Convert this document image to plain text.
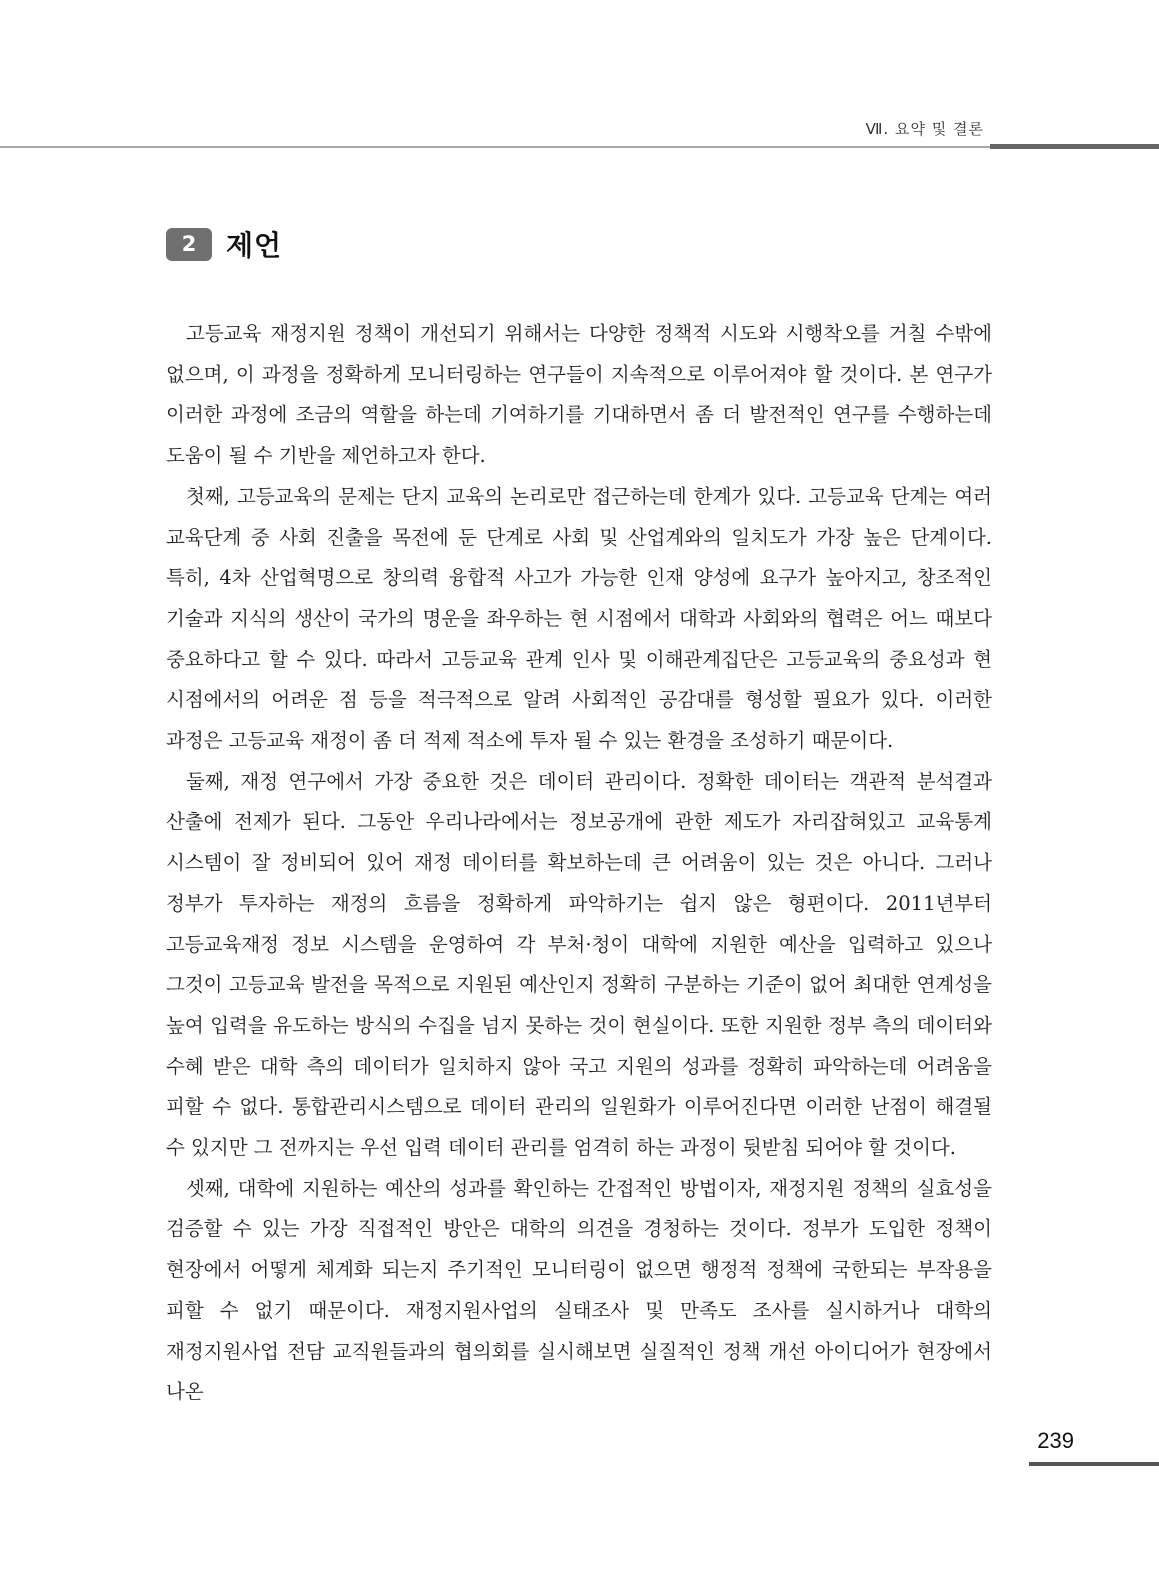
Ⅶ. 요약 및 결론
2	제언

고등교육 재정지원 정책이 개선되기 위해서는 다양한 정책적 시도와 시행착오를 거칠 수밖에 없으며, 이 과정을 정확하게 모니터링하는 연구들이 지속적으로 이루어져야 할 것이다. 본 연구가 이러한 과정에 조금의 역할을 하는데 기여하기를 기대하면서 좀 더 발전적인 연구를 수행하는데 도움이 될 수 기반을 제언하고자 한다.

첫째, 고등교육의 문제는 단지 교육의 논리로만 접근하는데 한계가 있다. 고등교육 단계는 여러 교육단계 중 사회 진출을 목전에 둔 단계로 사회 및 산업계와의 일치도가 가장 높은 단계이다. 특히, 4차 산업혁명으로 창의력 융합적 사고가 가능한 인재 양성에 요구가 높아지고, 창조적인 기술과 지식의 생산이 국가의 명운을 좌우하는 현 시점에서 대학과 사회와의 협력은 어느 때보다 중요하다고 할 수 있다. 따라서 고등교육 관계 인사 및 이해관계집단은 고등교육의 중요성과 현 시점에서의 어려운 점 등을 적극적으로 알려 사회적인 공감대를 형성할 필요가 있다. 이러한 과정은 고등교육 재정이 좀 더 적제 적소에 투자 될 수 있는 환경을 조성하기 때문이다.

둘째, 재정 연구에서 가장 중요한 것은 데이터 관리이다. 정확한 데이터는 객관적 분석결과 산출에 전제가 된다. 그동안 우리나라에서는 정보공개에 관한 제도가 자리잡혀있고 교육통계 시스템이 잘 정비되어 있어 재정 데이터를 확보하는데 큰 어려움이 있는 것은 아니다. 그러나 정부가 투자하는 재정의 흐름을 정확하게 파악하기는 쉽지 않은 형편이다. 2011년부터 고등교육재정 정보 시스템을 운영하여 각 부처·청이 대학에 지원한 예산을 입력하고 있으나 그것이 고등교육 발전을 목적으로 지원된 예산인지 정확히 구분하는 기준이 없어 최대한 연계성을 높여 입력을 유도하는 방식의 수집을 넘지 못하는 것이 현실이다. 또한 지원한 정부 측의 데이터와 수혜 받은 대학 측의 데이터가 일치하지 않아 국고 지원의 성과를 정확히 파악하는데 어려움을 피할 수 없다. 통합관리시스템으로 데이터 관리의 일원화가 이루어진다면 이러한 난점이 해결될 수 있지만 그 전까지는 우선 입력 데이터 관리를 엄격히 하는 과정이 뒷받침 되어야 할 것이다.

셋째, 대학에 지원하는 예산의 성과를 확인하는 간접적인 방법이자, 재정지원 정책의 실효성을 검증할 수 있는 가장 직접적인 방안은 대학의 의견을 경청하는 것이다. 정부가 도입한 정책이 현장에서 어떻게 체계화 되는지 주기적인 모니터링이 없으면 행정적 정책에 국한되는 부작용을 피할 수 없기 때문이다. 재정지원사업의 실태조사 및 만족도 조사를 실시하거나 대학의 재정지원사업 전담 교직원들과의 협의회를 실시해보면 실질적인 정책 개선 아이디어가 현장에서 나온

239
